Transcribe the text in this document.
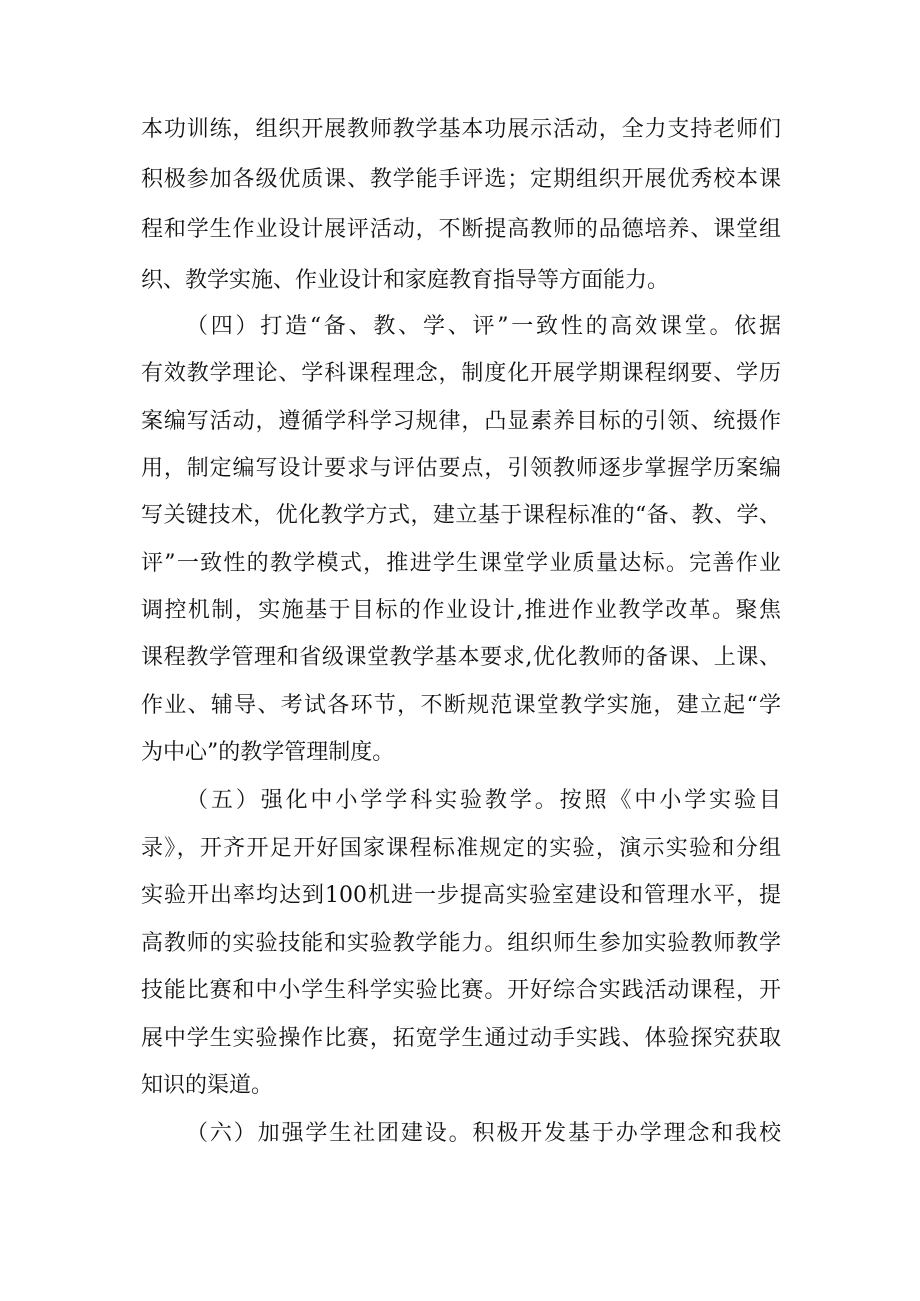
本功训练，组织开展教师教学基本功展示活动，全力支持老师们
积极参加各级优质课、教学能手评选；定期组织开展优秀校本课
程和学生作业设计展评活动，不断提高教师的品德培养、课堂组
织、教学实施、作业设计和家庭教育指导等方面能力。
（四）打造“备、教、学、评”一致性的高效课堂。依据
有效教学理论、学科课程理念，制度化开展学期课程纲要、学历
案编写活动，遵循学科学习规律，凸显素养目标的引领、统摄作
用，制定编写设计要求与评估要点，引领教师逐步掌握学历案编
写关键技术，优化教学方式，建立基于课程标准的“备、教、学、
评”一致性的教学模式，推进学生课堂学业质量达标。完善作业
调控机制，实施基于目标的作业设计,推进作业教学改革。聚焦
课程教学管理和省级课堂教学基本要求,优化教师的备课、上课、
作业、辅导、考试各环节，不断规范课堂教学实施，建立起“学
为中心”的教学管理制度。
（五）强化中小学学科实验教学。按照《中小学实验目
录》，开齐开足开好国家课程标准规定的实验，演示实验和分组
实验开出率均达到100机进一步提高实验室建设和管理水平，提
高教师的实验技能和实验教学能力。组织师生参加实验教师教学
技能比赛和中小学生科学实验比赛。开好综合实践活动课程，开
展中学生实验操作比赛，拓宽学生通过动手实践、体验探究获取
知识的渠道。
（六）加强学生社团建设。积极开发基于办学理念和我校
